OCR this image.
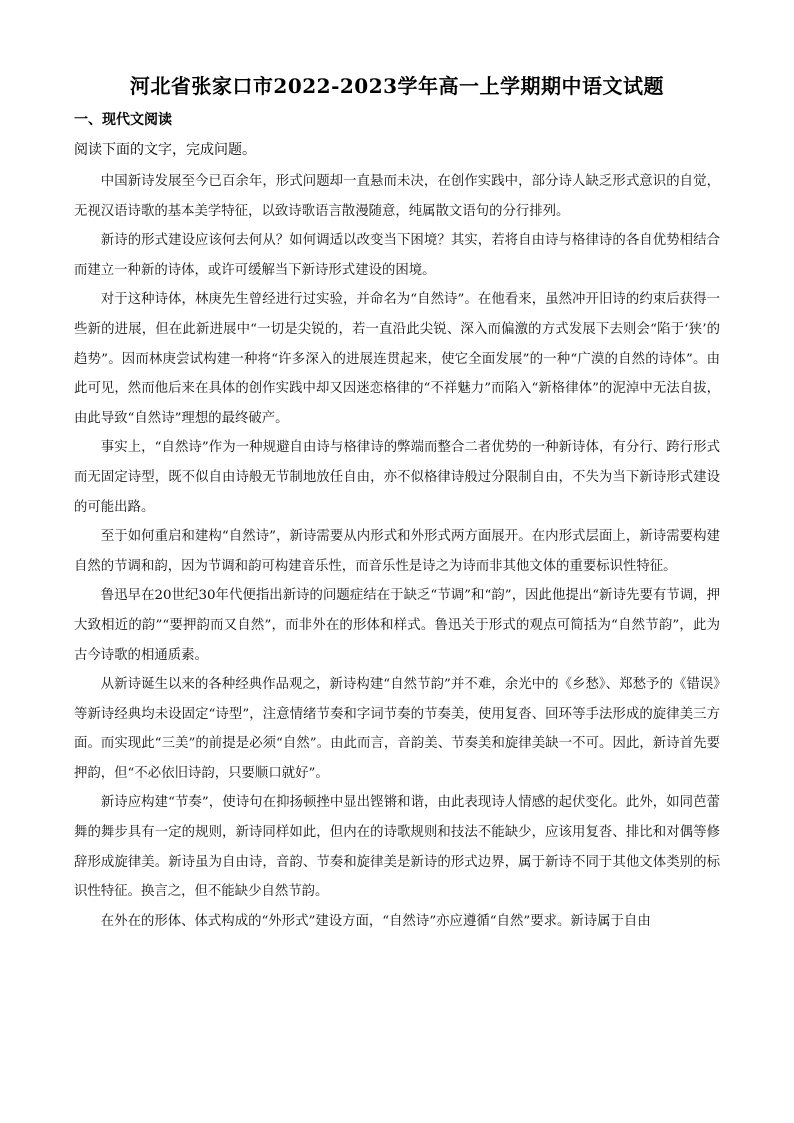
河北省张家口市2022-2023学年高一上学期期中语文试题
一、现代文阅读
阅读下面的文字，完成问题。

中国新诗发展至今已百余年，形式问题却一直悬而未决，在创作实践中，部分诗人缺乏形式意识的自觉，无视汉语诗歌的基本美学特征，以致诗歌语言散漫随意，纯属散文语句的分行排列。

新诗的形式建设应该何去何从？如何调适以改变当下困境？其实，若将自由诗与格律诗的各自优势相结合而建立一种新的诗体，或许可缓解当下新诗形式建设的困境。

对于这种诗体，林庚先生曾经进行过实验，并命名为“自然诗”。在他看来，虽然冲开旧诗的约束后获得一些新的进展，但在此新进展中“一切是尖锐的，若一直沿此尖锐、深入而偏激的方式发展下去则会“陷于‘狭’的趋势”。因而林庚尝试构建一种将“许多深入的进展连贯起来，使它全面发展”的一种“广漠的自然的诗体”。由此可见，然而他后来在具体的创作实践中却又因迷恋格律的“不祥魅力”而陷入“新格律体”的泥淖中无法自拔，由此导致“自然诗”理想的最终破产。

事实上，“自然诗”作为一种规避自由诗与格律诗的弊端而整合二者优势的一种新诗体，有分行、跨行形式而无固定诗型，既不似自由诗般无节制地放任自由，亦不似格律诗般过分限制自由，不失为当下新诗形式建设的可能出路。

至于如何重启和建构“自然诗”，新诗需要从内形式和外形式两方面展开。在内形式层面上，新诗需要构建自然的节调和韵，因为节调和韵可构建音乐性，而音乐性是诗之为诗而非其他文体的重要标识性特征。

鲁迅早在20世纪30年代便指出新诗的问题症结在于缺乏“节调”和“韵”，因此他提出“新诗先要有节调，押大致相近的韵”“要押韵而又自然”，而非外在的形体和样式。鲁迅关于形式的观点可简括为“自然节韵”，此为古今诗歌的相通质素。

从新诗诞生以来的各种经典作品观之，新诗构建“自然节韵”并不难，余光中的《乡愁》、郑愁予的《错误》等新诗经典均未设固定“诗型”，注意情绪节奏和字词节奏的节奏美，使用复沓、回环等手法形成的旋律美三方面。而实现此“三美”的前提是必须“自然”。由此而言，音韵美、节奏美和旋律美缺一不可。因此，新诗首先要押韵，但“不必依旧诗韵，只要顺口就好”。

新诗应构建“节奏”，使诗句在抑扬顿挫中显出铿锵和谐，由此表现诗人情感的起伏变化。此外，如同芭蕾舞的舞步具有一定的规则，新诗同样如此，但内在的诗歌规则和技法不能缺少，应该用复沓、排比和对偶等修辞形成旋律美。新诗虽为自由诗，音韵、节奏和旋律美是新诗的形式边界，属于新诗不同于其他文体类别的标识性特征。换言之，但不能缺少自然节韵。

在外在的形体、体式构成的“外形式”建设方面，“自然诗”亦应遵循“自然”要求。新诗属于自由
